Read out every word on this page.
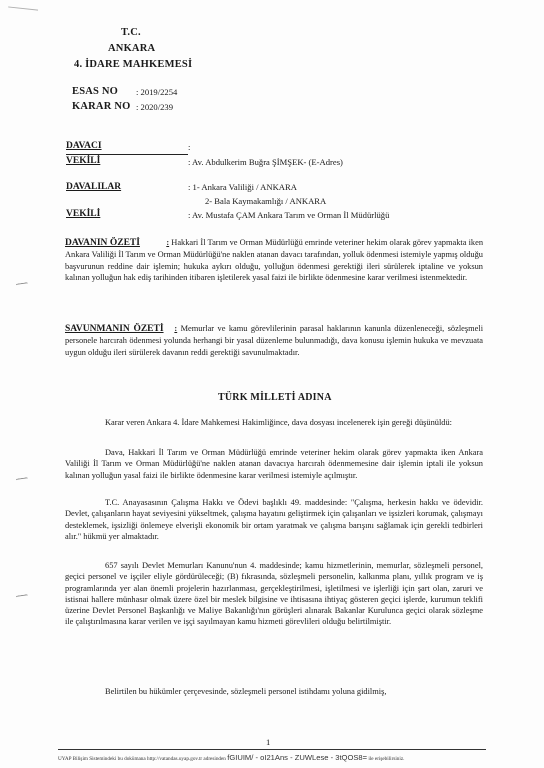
T.C.
ANKARA
4. İDARE MAHKEMESİ
ESAS NO : 2019/2254
KARAR NO : 2020/239
DAVACI	:
VEKİLİ	: Av. Abdulkerim Buğra ŞİMŞEK- (E-Adres)
DAVALILAR	: 1- Ankara Valiliği / ANKARA
2- Bala Kaymakamlığı / ANKARA
VEKİLİ	: Av. Mustafa ÇAM Ankara Tarım ve Orman İl Müdürlüğü
DAVANIN ÖZETİ	: Hakkari İl Tarım ve Orman Müdürlüğü emrinde veteriner hekim olarak görev yapmakta iken Ankara Valiliği İl Tarım ve Orman Müdürlüğü'ne naklen atanan davacı tarafından, yolluk ödenmesi istemiyle yapmış olduğu başvurunun reddine dair işlemin; hukuka aykırı olduğu, yolluğun ödenmesi gerektiği ileri sürülerek iptaline ve yoksun kalınan yolluğun hak ediş tarihinden itibaren işletilerek yasal faizi ile birlikte ödenmesine karar verilmesi istenmektedir.
SAVUNMANIN ÖZETİ : Memurlar ve kamu görevlilerinin parasal haklarının kanunla düzenleneceği, sözleşmeli personele harcırah ödenmesi yolunda herhangi bir yasal düzenleme bulunmadığı, dava konusu işlemin hukuka ve mevzuata uygun olduğu ileri sürülerek davanın reddi gerektiği savunulmaktadır.
TÜRK MİLLETİ ADINA
Karar veren Ankara 4. İdare Mahkemesi Hakimliğince, dava dosyası incelenerek işin gereği düşünüldü:
Dava, Hakkari İl Tarım ve Orman Müdürlüğü emrinde veteriner hekim olarak görev yapmakta iken Ankara Valiliği İl Tarım ve Orman Müdürlüğü'ne naklen atanan davacıya harcırah ödenmemesine dair işlemin iptali ile yoksun kalınan yolluğun yasal faizi ile birlikte ödenmesine karar verilmesi istemiyle açılmıştır.
T.C. Anayasasının Çalışma Hakkı ve Ödevi başlıklı 49. maddesinde: "Çalışma, herkesin hakkı ve ödevidir. Devlet, çalışanların hayat seviyesini yükseltmek, çalışma hayatını geliştirmek için çalışanları ve işsizleri korumak, çalışmayı desteklemek, işsizliği önlemeye elverişli ekonomik bir ortam yaratmak ve çalışma barışını sağlamak için gerekli tedbirleri alır." hükmü yer almaktadır.
657 sayılı Devlet Memurları Kanunu'nun 4. maddesinde; kamu hizmetlerinin, memurlar, sözleşmeli personel, geçici personel ve işçiler eliyle gördürüleceği; (B) fıkrasında, sözleşmeli personelin, kalkınma planı, yıllık program ve iş programlarında yer alan önemli projelerin hazırlanması, gerçekleştirilmesi, işletilmesi ve işlerliği için şart olan, zaruri ve istisnai hallere münhasır olmak üzere özel bir meslek bilgisine ve ihtisasına ihtiyaç gösteren geçici işlerde, kurumun teklifi üzerine Devlet Personel Başkanlığı ve Maliye Bakanlığı'nın görüşleri alınarak Bakanlar Kurulunca geçici olarak sözleşme ile çalıştırılmasına karar verilen ve işçi sayılmayan kamu hizmeti görevlileri olduğu belirtilmiştir.
Belirtilen bu hükümler çerçevesinde, sözleşmeli personel istihdamı yoluna gidilmiş,
1
UYAP Bilişim Sistemindeki bu dokümana http://vatandas.uyap.gov.tr adresinden fGIUIM/ - oI21Ans - ZUWLese - 3tQOS8= ile erişebilirsiniz.
